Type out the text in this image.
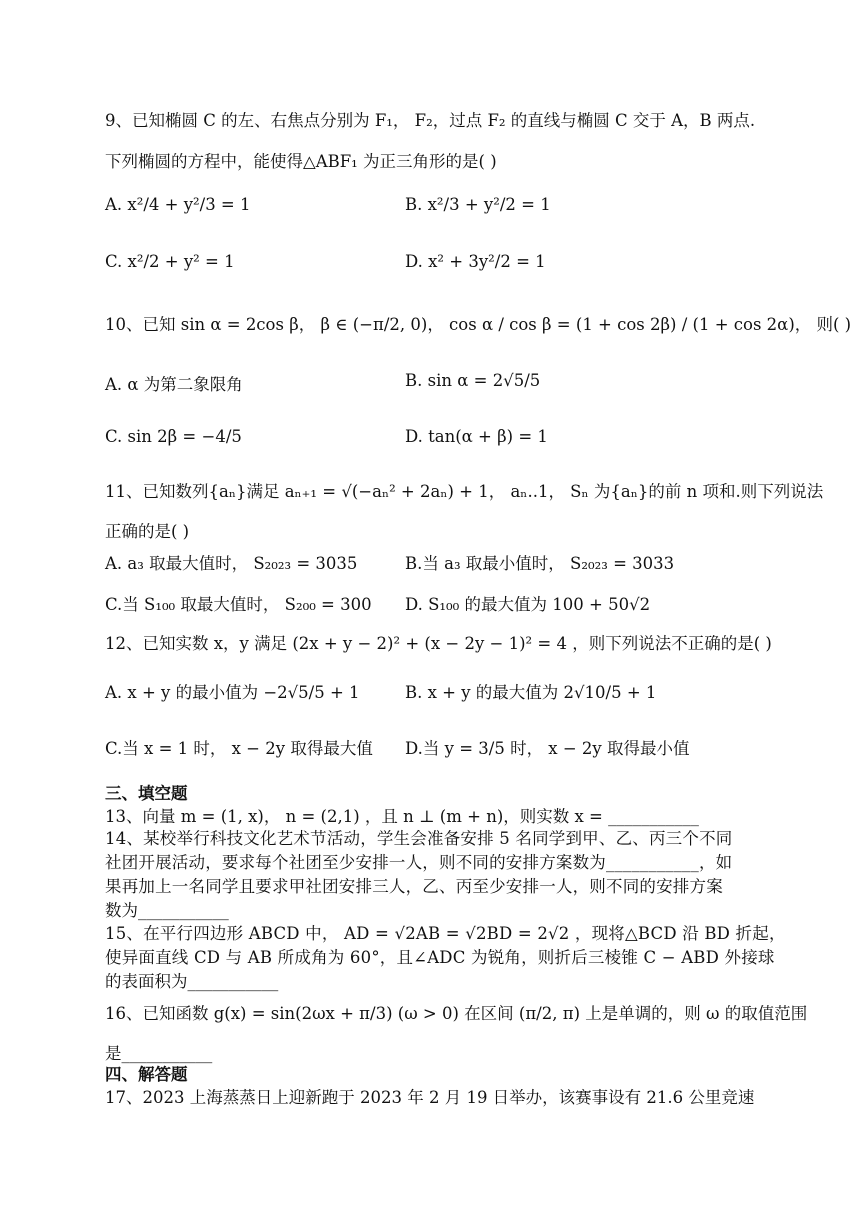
9、已知椭圆 C 的左、右焦点分别为 F₁， F₂，过点 F₂ 的直线与椭圆 C 交于 A，B 两点.
下列椭圆的方程中，能使得△ABF₁ 为正三角形的是( )
A. x²/4 + y²/3 = 1	B. x²/3 + y²/2 = 1
C. x²/2 + y² = 1	D. x² + 3y²/2 = 1
10、已知 sin α = 2cos β， β ∈ (−π/2, 0)， cos α / cos β = (1 + cos 2β) / (1 + cos 2α)， 则( )
A. α 为第二象限角	B. sin α = 2√5/5
C. sin 2β = −4/5	D. tan(α + β) = 1
11、已知数列{aₙ}满足 aₙ₊₁ = √(−aₙ² + 2aₙ) + 1， aₙ..1， Sₙ 为{aₙ}的前 n 项和.则下列说法
正确的是( )
A. a₃ 取最大值时， S₂₀₂₃ = 3035	B.当 a₃ 取最小值时， S₂₀₂₃ = 3033
C.当 S₁₀₀ 取最大值时， S₂₀₀ = 300 D. S₁₀₀ 的最大值为 100 + 50√2
12、已知实数 x，y 满足 (2x + y − 2)² + (x − 2y − 1)² = 4 ，则下列说法不正确的是( )
A. x + y 的最小值为 −2√5/5 + 1	B. x + y 的最大值为 2√10/5 + 1
C.当 x = 1 时， x − 2y 取得最大值 D.当 y = 3/5 时， x − 2y 取得最小值
三、填空题
13、向量 m = (1, x)， n = (2,1) ，且 n ⊥ (m + n)，则实数 x = ___________
14、某校举行科技文化艺术节活动，学生会准备安排 5 名同学到甲、乙、丙三个不同
社团开展活动，要求每个社团至少安排一人，则不同的安排方案数为___________，如
果再加上一名同学且要求甲社团安排三人，乙、丙至少安排一人，则不同的安排方案
数为___________
15、在平行四边形 ABCD 中， AD = √2AB = √2BD = 2√2 ，现将△BCD 沿 BD 折起，
使异面直线 CD 与 AB 所成角为 60°，且∠ADC 为锐角，则折后三棱锥 C − ABD 外接球
的表面积为___________
16、已知函数 g(x) = sin(2ωx + π/3) (ω > 0) 在区间 (π/2, π) 上是单调的，则 ω 的取值范围
是___________
四、解答题
17、2023 上海蒸蒸日上迎新跑于 2023 年 2 月 19 日举办，该赛事设有 21.6 公里竞速
